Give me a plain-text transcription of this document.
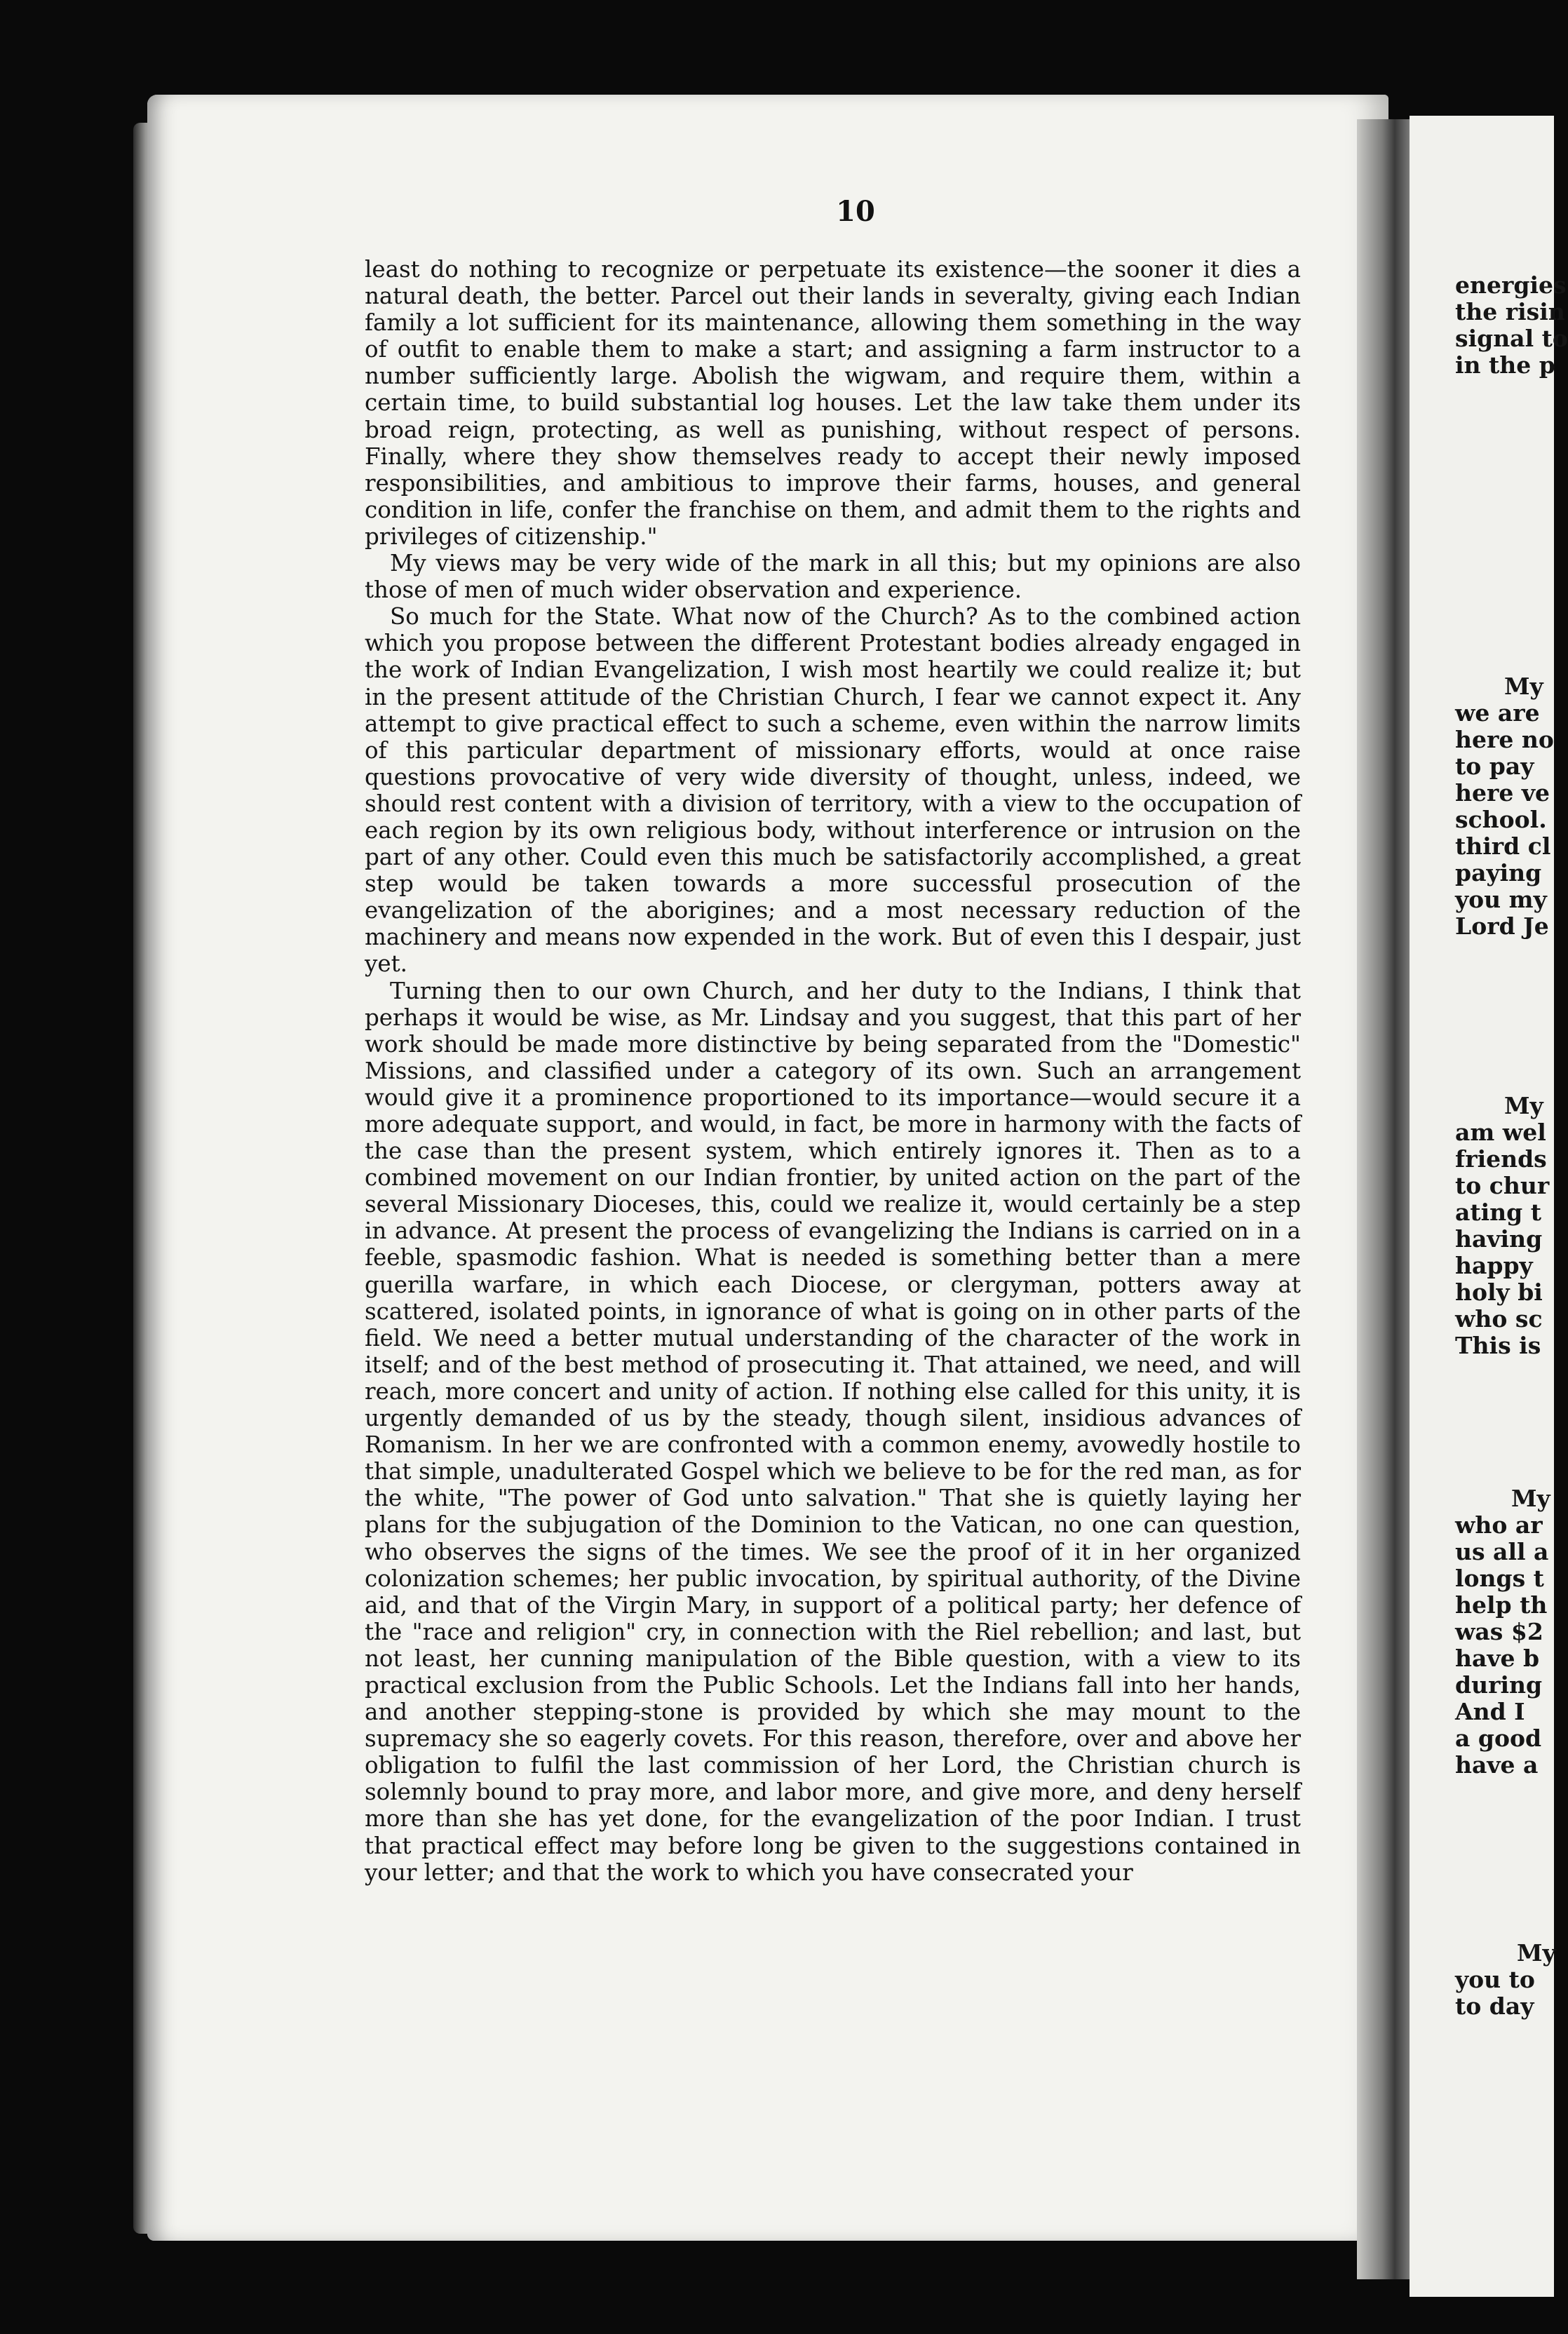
10

least do nothing to recognize or perpetuate its existence—the sooner it dies a natural death, the better. Parcel out their lands in severalty, giving each Indian family a lot sufficient for its maintenance, allowing them something in the way of outfit to enable them to make a start; and assigning a farm instructor to a number sufficiently large. Abolish the wigwam, and require them, within a certain time, to build substantial log houses. Let the law take them under its broad reign, protecting, as well as punishing, without respect of persons. Finally, where they show themselves ready to accept their newly imposed responsibilities, and ambitious to improve their farms, houses, and general condition in life, confer the franchise on them, and admit them to the rights and privileges of citizenship."

My views may be very wide of the mark in all this; but my opinions are also those of men of much wider observation and experience.

So much for the State. What now of the Church? As to the combined action which you propose between the different Protestant bodies already engaged in the work of Indian Evangelization, I wish most heartily we could realize it; but in the present attitude of the Christian Church, I fear we cannot expect it. Any attempt to give practical effect to such a scheme, even within the narrow limits of this particular department of missionary efforts, would at once raise questions provocative of very wide diversity of thought, unless, indeed, we should rest content with a division of territory, with a view to the occupation of each region by its own religious body, without interference or intrusion on the part of any other. Could even this much be satisfactorily accomplished, a great step would be taken towards a more successful prosecution of the evangelization of the aborigines; and a most necessary reduction of the machinery and means now expended in the work. But of even this I despair, just yet.

Turning then to our own Church, and her duty to the Indians, I think that perhaps it would be wise, as Mr. Lindsay and you suggest, that this part of her work should be made more distinctive by being separated from the "Domestic" Missions, and classified under a category of its own. Such an arrangement would give it a prominence proportioned to its importance—would secure it a more adequate support, and would, in fact, be more in harmony with the facts of the case than the present system, which entirely ignores it. Then as to a combined movement on our Indian frontier, by united action on the part of the several Missionary Dioceses, this, could we realize it, would certainly be a step in advance. At present the process of evangelizing the Indians is carried on in a feeble, spasmodic fashion. What is needed is something better than a mere guerilla warfare, in which each Diocese, or clergyman, potters away at scattered, isolated points, in ignorance of what is going on in other parts of the field. We need a better mutual understanding of the character of the work in itself; and of the best method of prosecuting it. That attained, we need, and will reach, more concert and unity of action. If nothing else called for this unity, it is urgently demanded of us by the steady, though silent, insidious advances of Romanism. In her we are confronted with a common enemy, avowedly hostile to that simple, unadulterated Gospel which we believe to be for the red man, as for the white, "The power of God unto salvation." That she is quietly laying her plans for the subjugation of the Dominion to the Vatican, no one can question, who observes the signs of the times. We see the proof of it in her organized colonization schemes; her public invocation, by spiritual authority, of the Divine aid, and that of the Virgin Mary, in support of a political party; her defence of the "race and religion" cry, in connection with the Riel rebellion; and last, but not least, her cunning manipulation of the Bible question, with a view to its practical exclusion from the Public Schools. Let the Indians fall into her hands, and another stepping-stone is provided by which she may mount to the supremacy she so eagerly covets. For this reason, therefore, over and above her obligation to fulfil the last commission of her Lord, the Christian church is solemnly bound to pray more, and labor more, and give more, and deny herself more than she has yet done, for the evangelization of the poor Indian. I trust that practical effect may before long be given to the suggestions contained in your letter; and that the work to which you have consecrated your

energies
the risin
signal to
in the p
My
we are
here no
to pay
here ve
school.
third cl
paying
you my
Lord Je
My
am wel
friends
to chur
ating t
having
happy
holy bi
who sc
This is
My
who ar
us all a
longs t
help th
was $2
have b
during
And I
a good
have a
My
you to
to day
